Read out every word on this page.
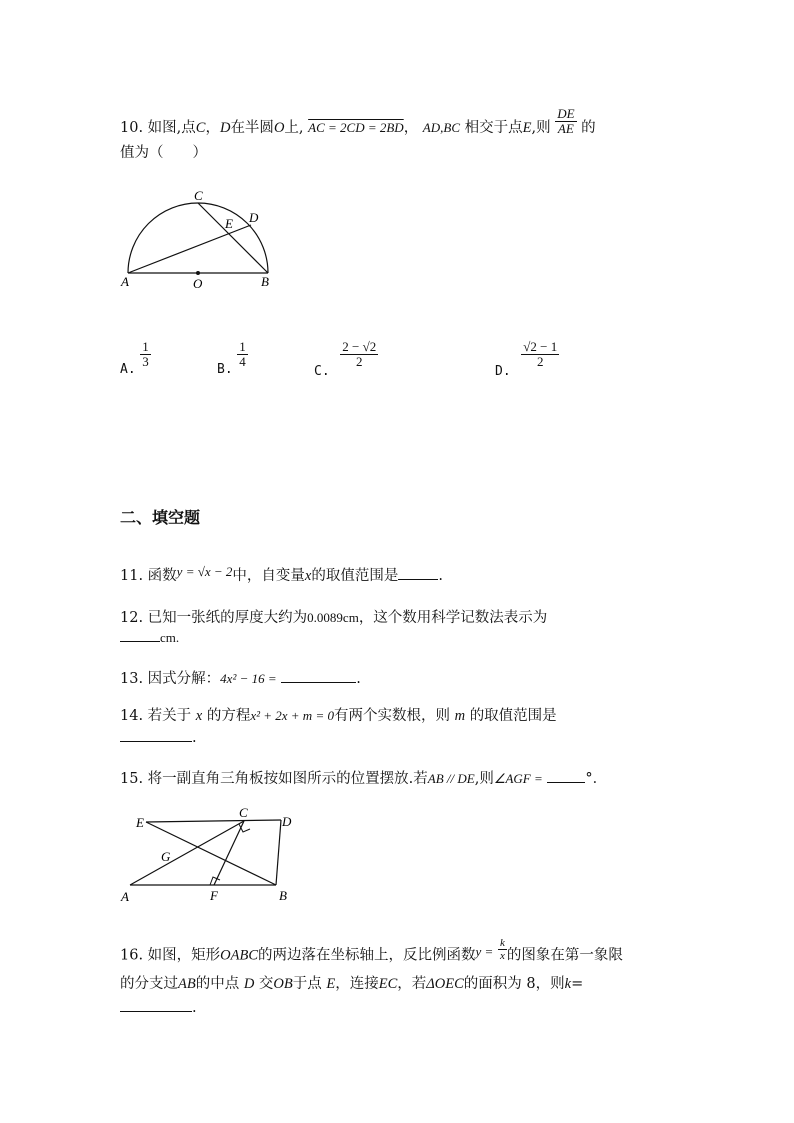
10. 如图,点C，D在半圆O上, AC = 2CD = 2BD， AD,BC 相交于点E,则 $\frac{DE}{AE}$ 的
值为（　　）
A	B
C
D
E
O
A. $\frac{1}{3}$	B. $\frac{1}{4}$
C.
$\frac{2 - √2}{2}$
D.
$\frac{√2 - 1}{2}$
二、填空题
11. 函数y = √x − 2中，自变量x的取值范围是	.
12. 已知一张纸的厚度大约为0.0089cm，这个数用科学记数法表示为
cm.
13. 因式分解：4x² − 16 =	.
14. 若关于 x 的方程x² + 2x + m = 0有两个实数根，则 m 的取值范围是
.
15. 将一副直角三角板按如图所示的位置摆放.若AB // DE,则∠AGF =	°．
E	D
C
G
A	F	B
16. 如图，矩形OABC的两边落在坐标轴上，反比例函数$y = \frac{k}{x}$ 的图象在第一象限
的分支过AB的中点 D 交OB于点 E，连接EC，若ΔOEC的面积为 8，则k=
.
